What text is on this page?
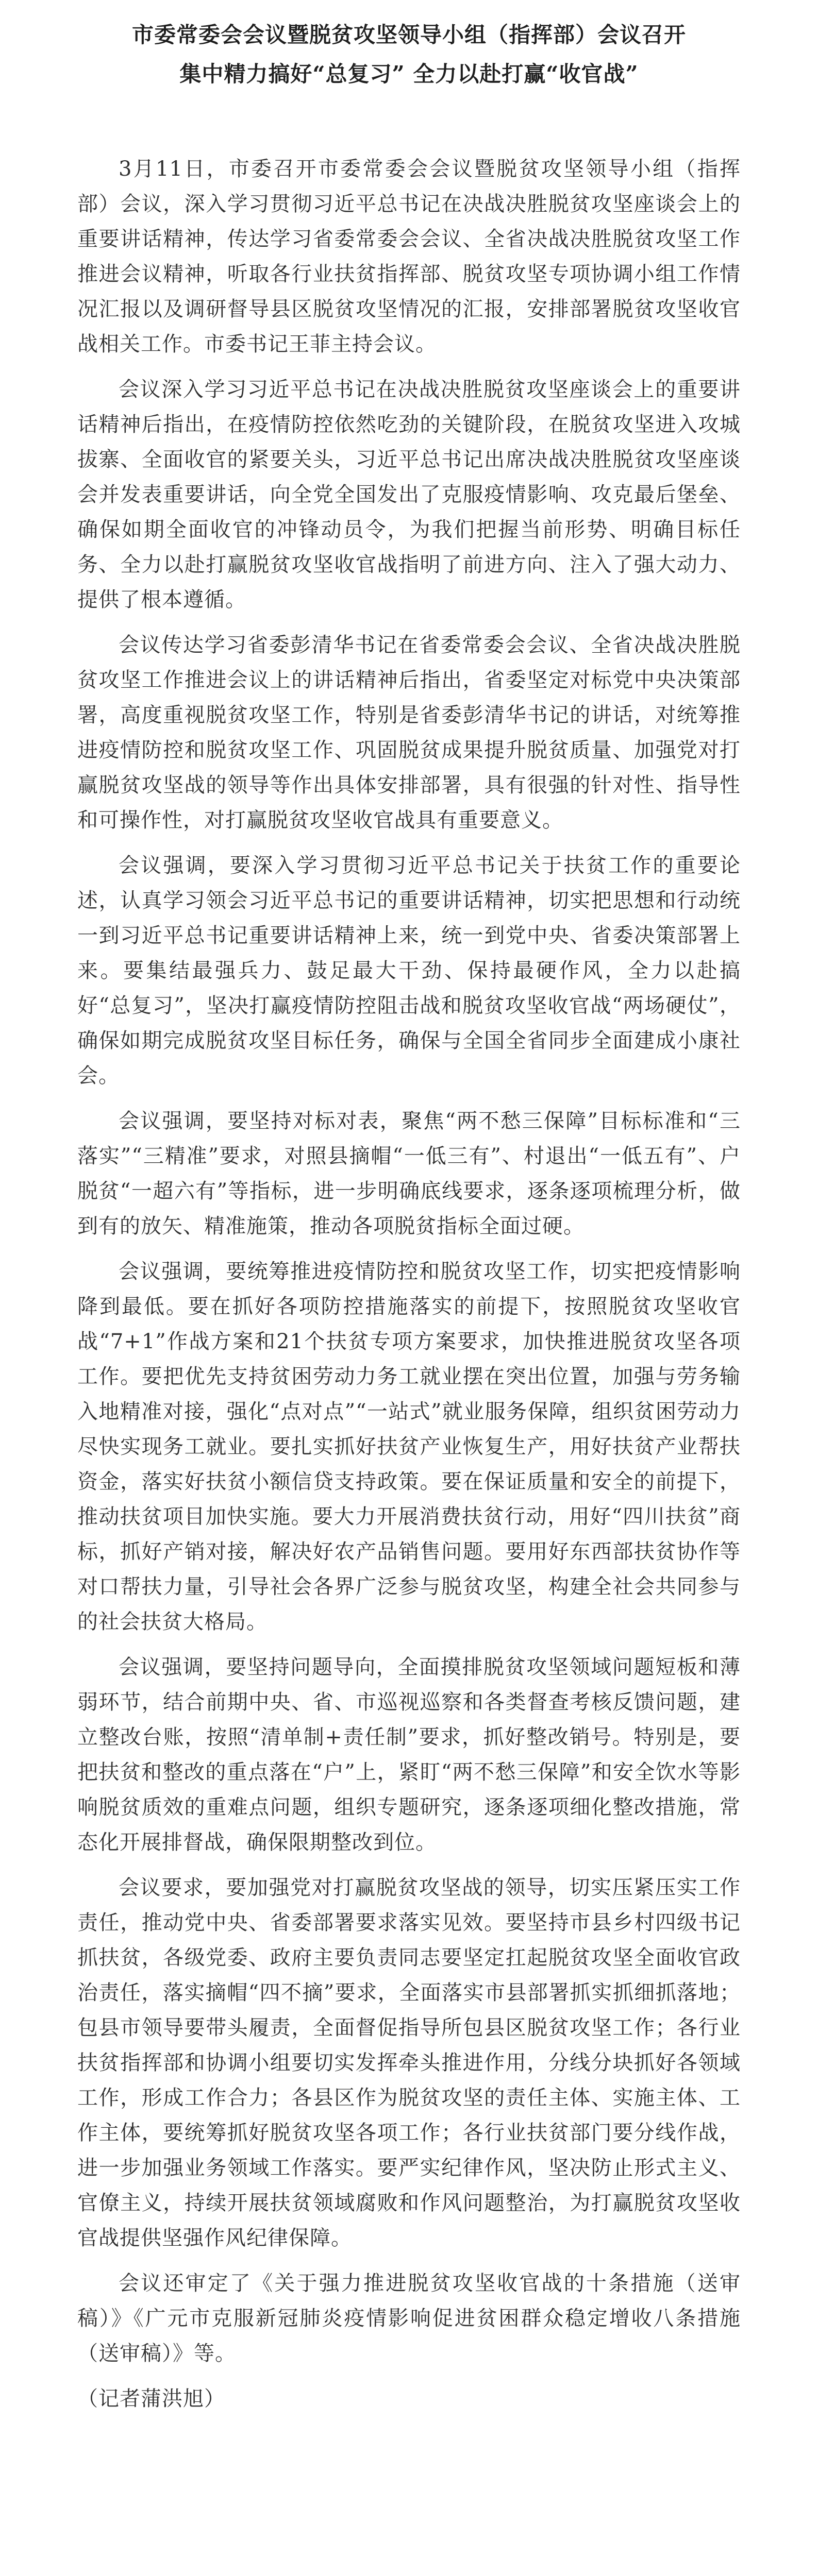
市委常委会会议暨脱贫攻坚领导小组（指挥部）会议召开
集中精力搞好“总复习” 全力以赴打赢“收官战”

3月11日，市委召开市委常委会会议暨脱贫攻坚领导小组（指挥部）会议，深入学习贯彻习近平总书记在决战决胜脱贫攻坚座谈会上的重要讲话精神，传达学习省委常委会会议、全省决战决胜脱贫攻坚工作推进会议精神，听取各行业扶贫指挥部、脱贫攻坚专项协调小组工作情况汇报以及调研督导县区脱贫攻坚情况的汇报，安排部署脱贫攻坚收官战相关工作。市委书记王菲主持会议。

会议深入学习习近平总书记在决战决胜脱贫攻坚座谈会上的重要讲话精神后指出，在疫情防控依然吃劲的关键阶段，在脱贫攻坚进入攻城拔寨、全面收官的紧要关头，习近平总书记出席决战决胜脱贫攻坚座谈会并发表重要讲话，向全党全国发出了克服疫情影响、攻克最后堡垒、确保如期全面收官的冲锋动员令，为我们把握当前形势、明确目标任务、全力以赴打赢脱贫攻坚收官战指明了前进方向、注入了强大动力、提供了根本遵循。

会议传达学习省委彭清华书记在省委常委会会议、全省决战决胜脱贫攻坚工作推进会议上的讲话精神后指出，省委坚定对标党中央决策部署，高度重视脱贫攻坚工作，特别是省委彭清华书记的讲话，对统筹推进疫情防控和脱贫攻坚工作、巩固脱贫成果提升脱贫质量、加强党对打赢脱贫攻坚战的领导等作出具体安排部署，具有很强的针对性、指导性和可操作性，对打赢脱贫攻坚收官战具有重要意义。

会议强调，要深入学习贯彻习近平总书记关于扶贫工作的重要论述，认真学习领会习近平总书记的重要讲话精神，切实把思想和行动统一到习近平总书记重要讲话精神上来，统一到党中央、省委决策部署上来。要集结最强兵力、鼓足最大干劲、保持最硬作风，全力以赴搞好“总复习”，坚决打赢疫情防控阻击战和脱贫攻坚收官战“两场硬仗”，确保如期完成脱贫攻坚目标任务，确保与全国全省同步全面建成小康社会。

会议强调，要坚持对标对表，聚焦“两不愁三保障”目标标准和“三落实”“三精准”要求，对照县摘帽“一低三有”、村退出“一低五有”、户脱贫“一超六有”等指标，进一步明确底线要求，逐条逐项梳理分析，做到有的放矢、精准施策，推动各项脱贫指标全面过硬。

会议强调，要统筹推进疫情防控和脱贫攻坚工作，切实把疫情影响降到最低。要在抓好各项防控措施落实的前提下，按照脱贫攻坚收官战“7+1”作战方案和21个扶贫专项方案要求，加快推进脱贫攻坚各项工作。要把优先支持贫困劳动力务工就业摆在突出位置，加强与劳务输入地精准对接，强化“点对点”“一站式”就业服务保障，组织贫困劳动力尽快实现务工就业。要扎实抓好扶贫产业恢复生产，用好扶贫产业帮扶资金，落实好扶贫小额信贷支持政策。要在保证质量和安全的前提下，推动扶贫项目加快实施。要大力开展消费扶贫行动，用好“四川扶贫”商标，抓好产销对接，解决好农产品销售问题。要用好东西部扶贫协作等对口帮扶力量，引导社会各界广泛参与脱贫攻坚，构建全社会共同参与的社会扶贫大格局。

会议强调，要坚持问题导向，全面摸排脱贫攻坚领域问题短板和薄弱环节，结合前期中央、省、市巡视巡察和各类督查考核反馈问题，建立整改台账，按照“清单制+责任制”要求，抓好整改销号。特别是，要把扶贫和整改的重点落在“户”上，紧盯“两不愁三保障”和安全饮水等影响脱贫质效的重难点问题，组织专题研究，逐条逐项细化整改措施，常态化开展排督战，确保限期整改到位。

会议要求，要加强党对打赢脱贫攻坚战的领导，切实压紧压实工作责任，推动党中央、省委部署要求落实见效。要坚持市县乡村四级书记抓扶贫，各级党委、政府主要负责同志要坚定扛起脱贫攻坚全面收官政治责任，落实摘帽“四不摘”要求，全面落实市县部署抓实抓细抓落地；包县市领导要带头履责，全面督促指导所包县区脱贫攻坚工作；各行业扶贫指挥部和协调小组要切实发挥牵头推进作用，分线分块抓好各领域工作，形成工作合力；各县区作为脱贫攻坚的责任主体、实施主体、工作主体，要统筹抓好脱贫攻坚各项工作；各行业扶贫部门要分线作战，进一步加强业务领域工作落实。要严实纪律作风，坚决防止形式主义、官僚主义，持续开展扶贫领域腐败和作风问题整治，为打赢脱贫攻坚收官战提供坚强作风纪律保障。

会议还审定了《关于强力推进脱贫攻坚收官战的十条措施（送审稿）》《广元市克服新冠肺炎疫情影响促进贫困群众稳定增收八条措施（送审稿）》等。

（记者蒲洪旭）
